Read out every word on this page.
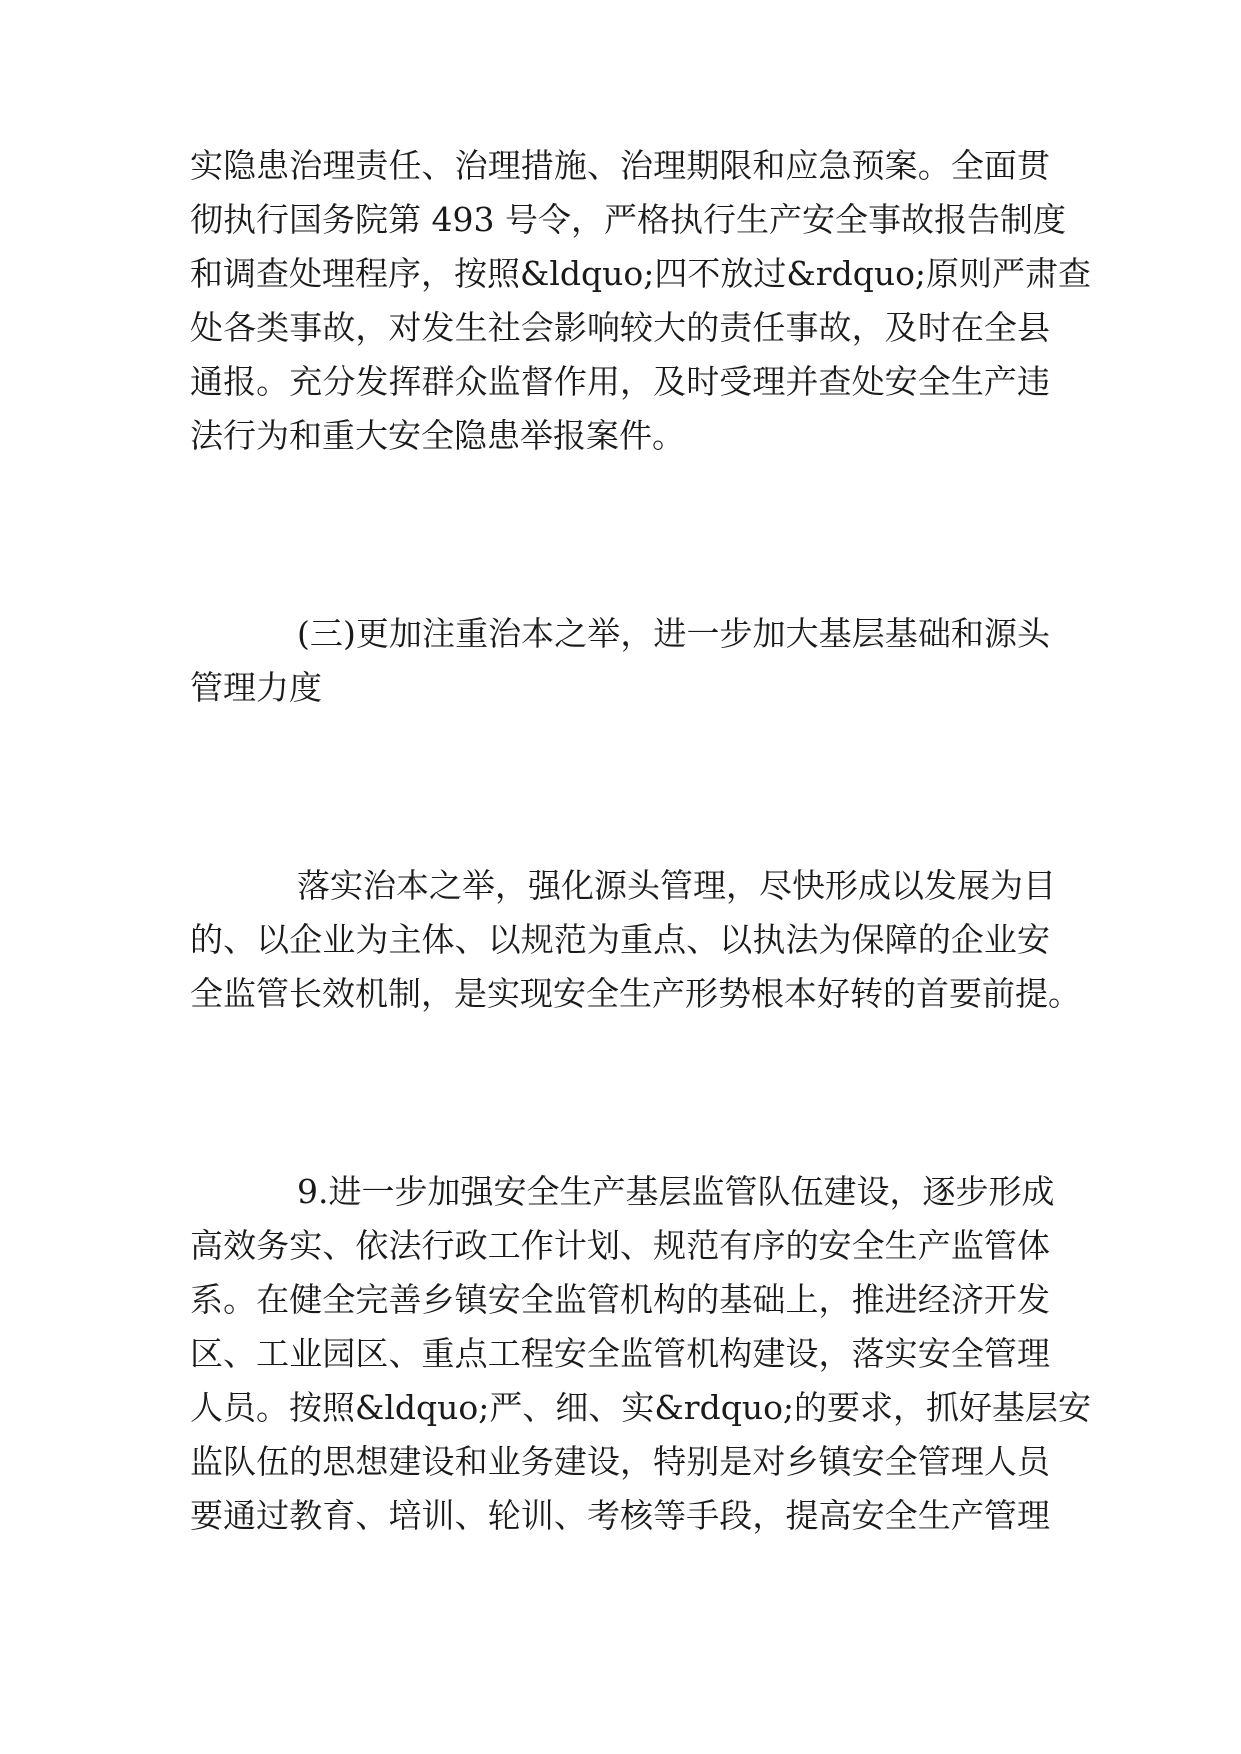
实隐患治理责任、治理措施、治理期限和应急预案。全面贯
彻执行国务院第 493 号令，严格执行生产安全事故报告制度
和调查处理程序，按照&ldquo;四不放过&rdquo;原则严肃查
处各类事故，对发生社会影响较大的责任事故，及时在全县
通报。充分发挥群众监督作用，及时受理并查处安全生产违
法行为和重大安全隐患举报案件。
(三)更加注重治本之举，进一步加大基层基础和源头
管理力度
落实治本之举，强化源头管理，尽快形成以发展为目
的、以企业为主体、以规范为重点、以执法为保障的企业安
全监管长效机制，是实现安全生产形势根本好转的首要前提。
9.进一步加强安全生产基层监管队伍建设，逐步形成
高效务实、依法行政工作计划、规范有序的安全生产监管体
系。在健全完善乡镇安全监管机构的基础上，推进经济开发
区、工业园区、重点工程安全监管机构建设，落实安全管理
人员。按照&ldquo;严、细、实&rdquo;的要求，抓好基层安
监队伍的思想建设和业务建设，特别是对乡镇安全管理人员
要通过教育、培训、轮训、考核等手段，提高安全生产管理
